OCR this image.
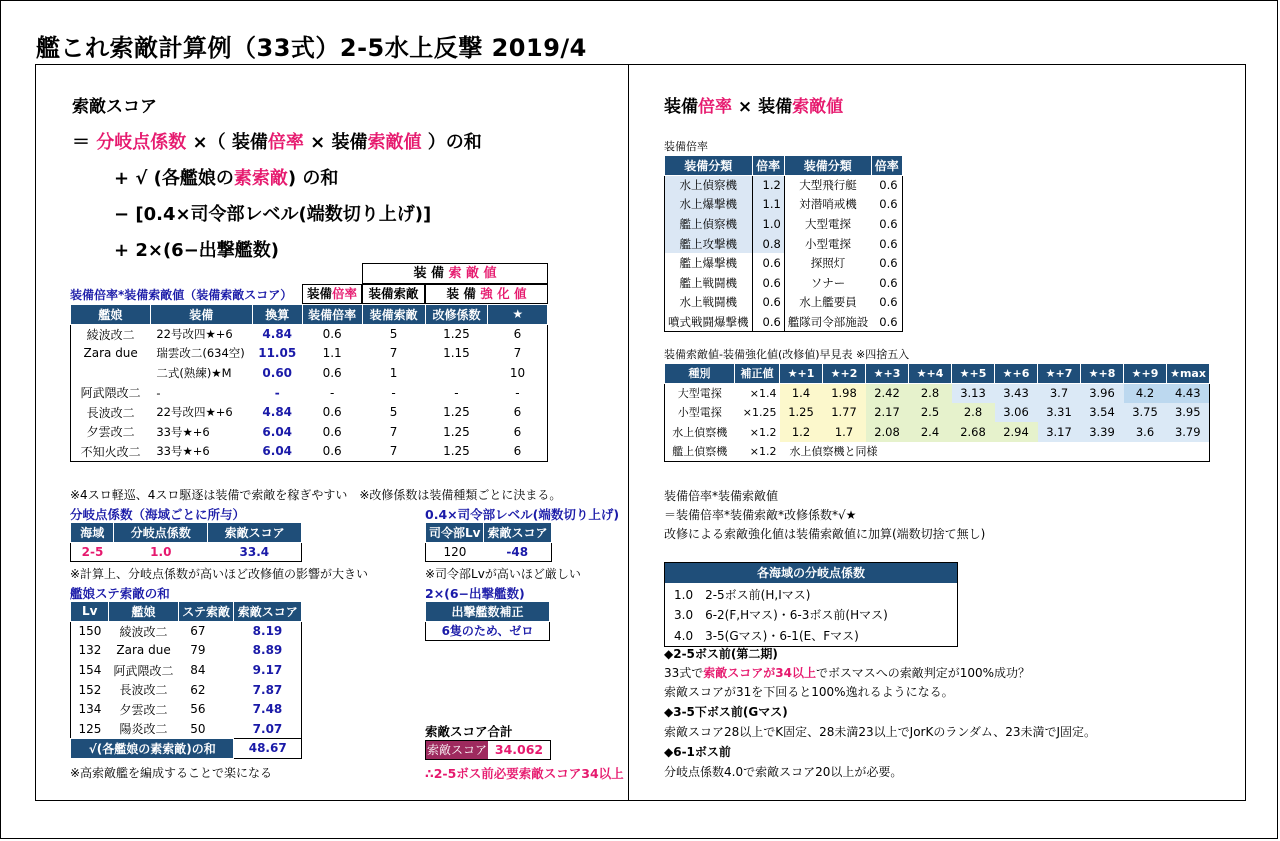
艦これ索敵計算例（33式）2-5水上反撃 2019/4
索敵スコア
＝ 分岐点係数 ×（ 装備倍率 × 装備索敵値 ）の和
+ √ (各艦娘の素索敵) の和
− [0.4×司令部レベル(端数切り上げ)]
+ 2×(6−出撃艦数)
装 備 索 敵 値
装備倍率*装備索敵値（装備索敵スコア）	装備倍率 装備索敵	装 備 強 化 値
艦娘	装備	換算	装備倍率	装備索敵	改修係数	★
綾波改二	22号改四★+6	4.84	0.6	5	1.25	6
Zara due	瑞雲改二(634空)	11.05	1.1	7	1.15	7
	二式(熟練)★M	0.60	0.6	1		10
阿武隈改二	-	-	-	-	-	-
長波改二	22号改四★+6	4.84	0.6	5	1.25	6
夕雲改二	33号★+6	6.04	0.6	7	1.25	6
不知火改二	33号★+6	6.04	0.6	7	1.25	6
※4スロ軽巡、4スロ駆逐は装備で索敵を稼ぎやすい　※改修係数は装備種類ごとに決まる。
分岐点係数（海域ごとに所与）
海域	分岐点係数	索敵スコア
2-5	1.0	33.4
※計算上、分岐点係数が高いほど改修値の影響が大きい
0.4×司令部レベル(端数切り上げ)
司令部Lv	索敵スコア
120	-48
※司令部Lvが高いほど厳しい
艦娘ステ索敵の和
Lv	艦娘	ステ索敵	索敵スコア
150	綾波改二	67	8.19
132	Zara due	79	8.89
154	阿武隈改二	84	9.17
152	長波改二	62	7.87
134	夕雲改二	56	7.48
125	陽炎改二	50	7.07
√(各艦娘の素索敵)の和			48.67
※高索敵艦を編成することで楽になる
2×(6−出撃艦数)
出撃艦数補正
6隻のため、ゼロ
索敵スコア合計
索敵スコア 34.062
∴2-5ボス前必要索敵スコア34以上
装備倍率 × 装備索敵値
装備倍率
装備分類	倍率	装備分類	倍率
水上偵察機	1.2	大型飛行艇	0.6
水上爆撃機	1.1	対潜哨戒機	0.6
艦上偵察機	1.0	大型電探	0.6
艦上攻撃機	0.8	小型電探	0.6
艦上爆撃機	0.6	探照灯	0.6
艦上戦闘機	0.6	ソナー	0.6
水上戦闘機	0.6	水上艦要員	0.6
噴式戦闘爆撃機	0.6	艦隊司令部施設	0.6
装備索敵値-装備強化値(改修値)早見表 ※四捨五入
種別	補正値	★+1	★+2	★+3	★+4	★+5	★+6	★+7	★+8	★+9	★max
大型電探	×1.4	1.4	1.98	2.42	2.8	3.13	3.43	3.7	3.96	4.2	4.43
小型電探	×1.25	1.25	1.77	2.17	2.5	2.8	3.06	3.31	3.54	3.75	3.95
水上偵察機	×1.2	1.2	1.7	2.08	2.4	2.68	2.94	3.17	3.39	3.6	3.79
艦上偵察機	×1.2	水上偵察機と同様									
装備倍率*装備索敵値
＝装備倍率*装備索敵*改修係数*√★
改修による索敵強化値は装備索敵値に加算(端数切捨て無し)
各海域の分岐点係数
1.0　2-5ボス前(H,Iマス)
3.0　6-2(F,Hマス)・6-3ボス前(Hマス)
4.0　3-5(Gマス)・6-1(E、Fマス)
◆2-5ボス前(第二期)
33式で索敵スコアが34以上でボスマスへの索敵判定が100%成功？
索敵スコアが31を下回ると100%逸れるようになる。
◆3-5下ボス前(Gマス)
索敵スコア28以上でK固定、28未満23以上でJorKのランダム、23未満でJ固定。
◆6-1ボス前
分岐点係数4.0で索敵スコア20以上が必要。
